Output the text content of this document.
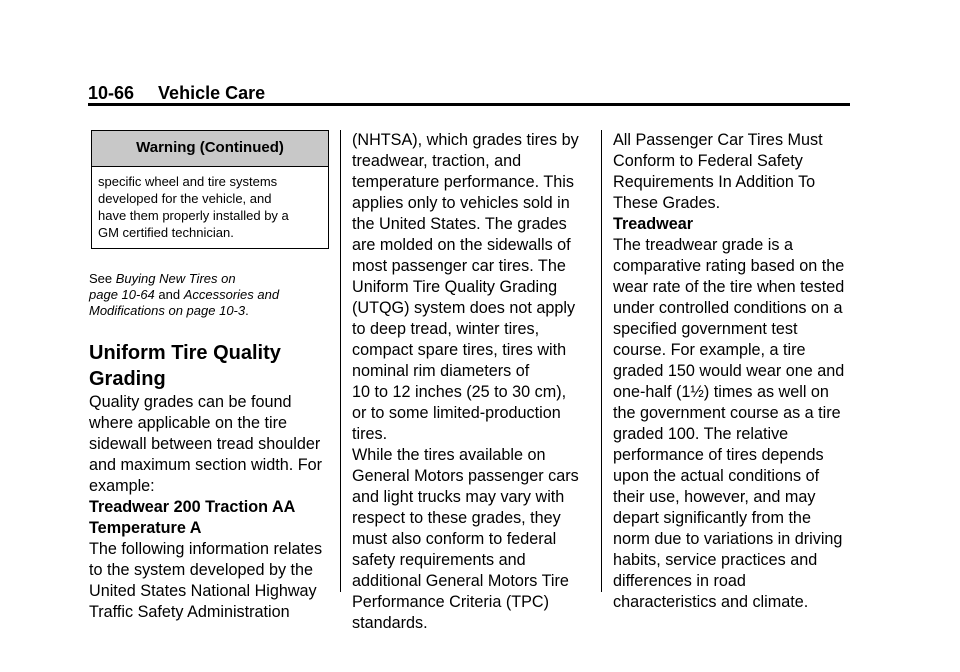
10-66 Vehicle Care
Warning (Continued)
specific wheel and tire systems
developed for the vehicle, and
have them properly installed by a
GM certified technician.
See Buying New Tires on
page 10-64 and Accessories and
Modifications on page 10-3.
Uniform Tire Quality
Grading

Quality grades can be found
where applicable on the tire
sidewall between tread shoulder
and maximum section width. For
example:

Treadwear 200 Traction AA
Temperature A

The following information relates
to the system developed by the
United States National Highway
Traffic Safety Administration

(NHTSA), which grades tires by
treadwear, traction, and
temperature performance. This
applies only to vehicles sold in
the United States. The grades
are molded on the sidewalls of
most passenger car tires. The
Uniform Tire Quality Grading
(UTQG) system does not apply
to deep tread, winter tires,
compact spare tires, tires with
nominal rim diameters of
10 to 12 inches (25 to 30 cm),
or to some limited-production
tires.

While the tires available on
General Motors passenger cars
and light trucks may vary with
respect to these grades, they
must also conform to federal
safety requirements and
additional General Motors Tire
Performance Criteria (TPC)
standards.

All Passenger Car Tires Must
Conform to Federal Safety
Requirements In Addition To
These Grades.

Treadwear

The treadwear grade is a
comparative rating based on the
wear rate of the tire when tested
under controlled conditions on a
specified government test
course. For example, a tire
graded 150 would wear one and
one-half (1½) times as well on
the government course as a tire
graded 100. The relative
performance of tires depends
upon the actual conditions of
their use, however, and may
depart significantly from the
norm due to variations in driving
habits, service practices and
differences in road
characteristics and climate.
